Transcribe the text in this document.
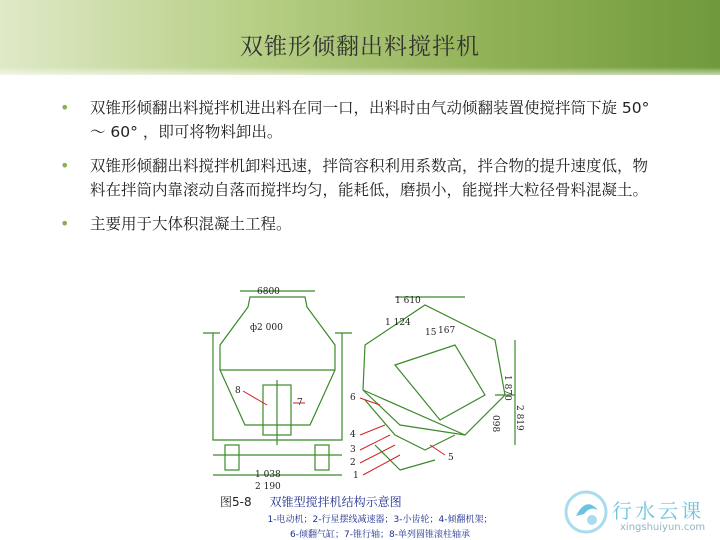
双锥形倾翻出料搅拌机
• 双锥形倾翻出料搅拌机进出料在同一口，出料时由气动倾翻装置使搅拌筒下旋 50° ～ 60° ，即可将物料卸出。
• 双锥形倾翻出料搅拌机卸料迅速，拌筒容积利用系数高，拌合物的提升速度低，物料在拌筒内靠滚动自落而搅拌均匀，能耗低，磨损小，能搅拌大粒径骨料混凝土。
• 主要用于大体积混凝土工程。
6800
ф2 000
1 038
2 190
1 610
1 124
15 167
1 870
2 819
098
8
7	6
4
3
2
1
5
图5-8 双锥型搅拌机结构示意图
1-电动机；2-行星摆线减速器；3-小齿轮；4-倾翻机架；
6-倾翻气缸；7-锥行轴；8-单列圆锥滚柱轴承
行水云课
xingshuiyun.com
